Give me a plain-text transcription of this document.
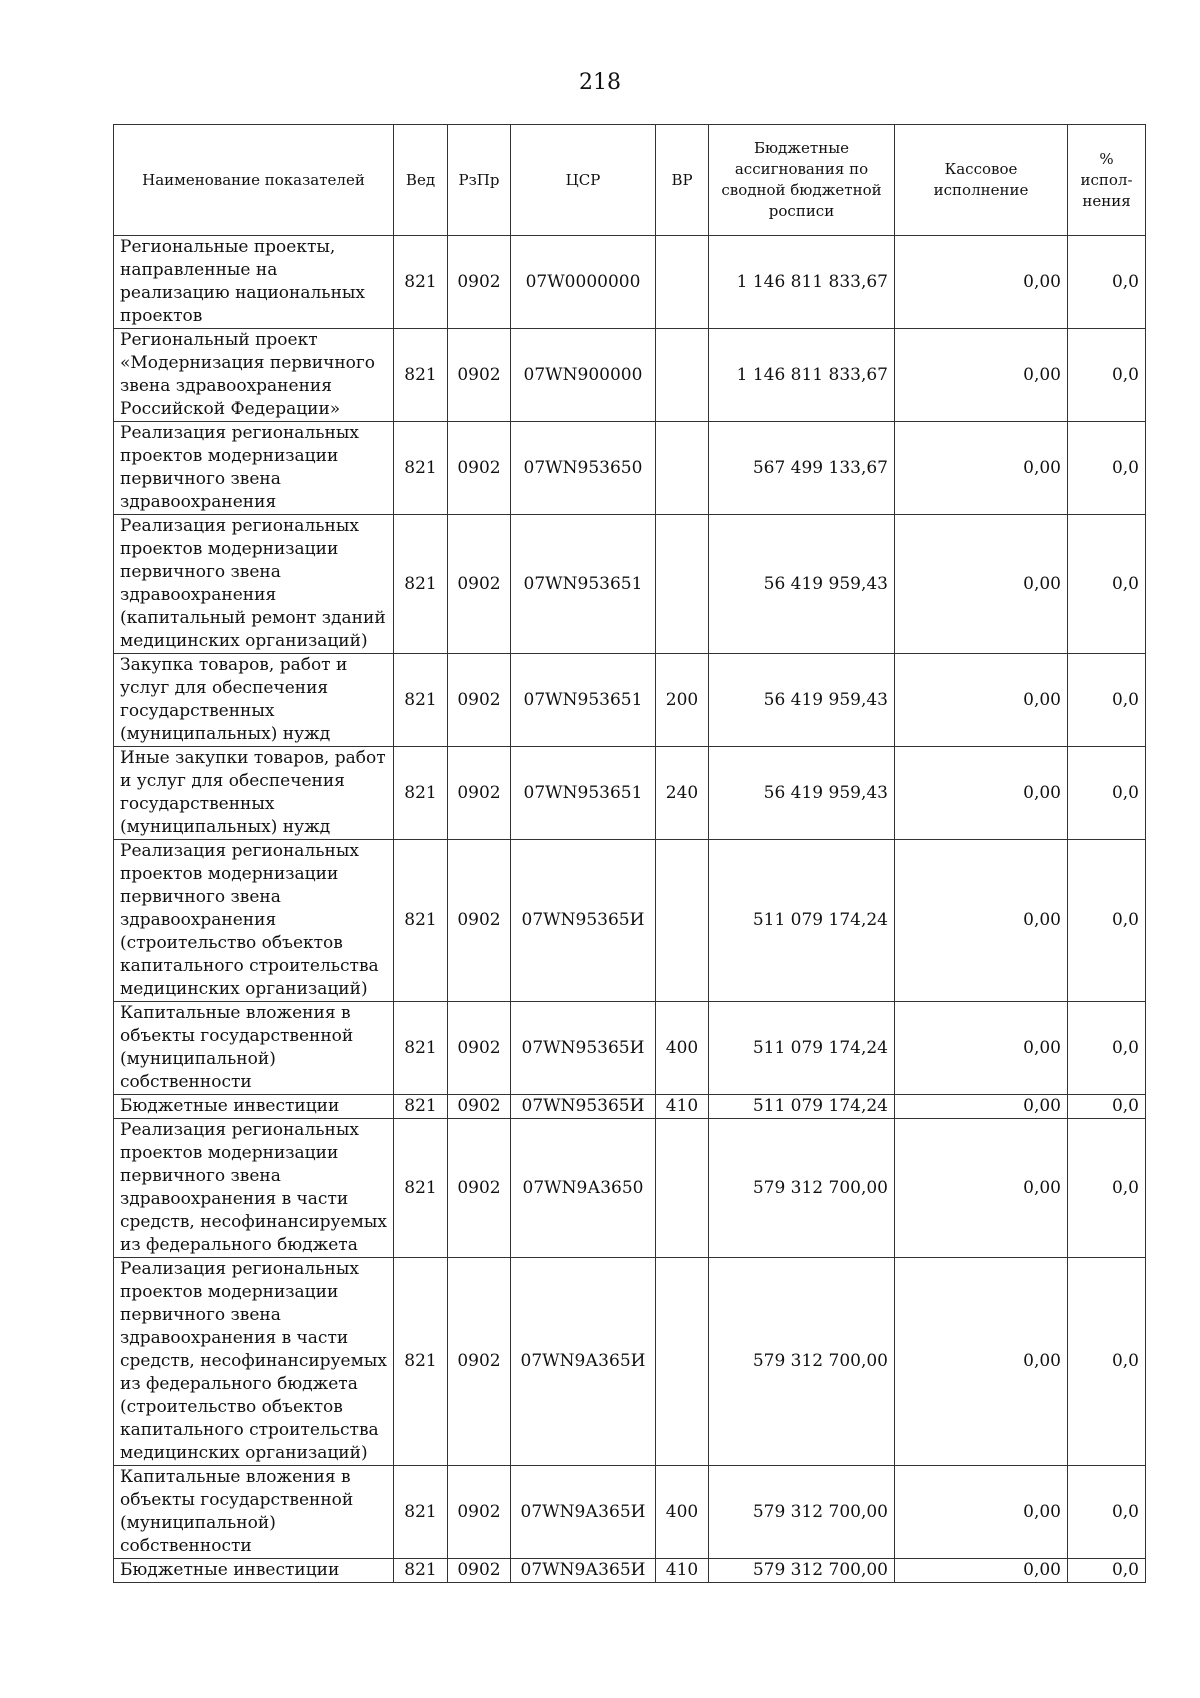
218
Наименование показателей	Вед	РзПр	ЦСР	ВР	Бюджетные ассигнования по сводной бюджетной росписи	Кассовое исполнение	% испол-нения
Региональные проекты, направленные на реализацию национальных проектов	821	0902	07W0000000		1 146 811 833,67	0,00	0,0
Региональный проект «Модернизация первичного звена здравоохранения Российской Федерации»	821	0902	07WN900000		1 146 811 833,67	0,00	0,0
Реализация региональных проектов модернизации первичного звена здравоохранения	821	0902	07WN953650		567 499 133,67	0,00	0,0
Реализация региональных проектов модернизации первичного звена здравоохранения (капитальный ремонт зданий медицинских организаций)	821	0902	07WN953651		56 419 959,43	0,00	0,0
Закупка товаров, работ и услуг для обеспечения государственных (муниципальных) нужд	821	0902	07WN953651	200	56 419 959,43	0,00	0,0
Иные закупки товаров, работ и услуг для обеспечения государственных (муниципальных) нужд	821	0902	07WN953651	240	56 419 959,43	0,00	0,0
Реализация региональных проектов модернизации первичного звена здравоохранения (строительство объектов капитального строительства медицинских организаций)	821	0902	07WN95365И		511 079 174,24	0,00	0,0
Капитальные вложения в объекты государственной (муниципальной) собственности	821	0902	07WN95365И	400	511 079 174,24	0,00	0,0
Бюджетные инвестиции	821	0902	07WN95365И	410	511 079 174,24	0,00	0,0
Реализация региональных проектов модернизации первичного звена здравоохранения в части средств, несофинансируемых из федерального бюджета	821	0902	07WN9А3650		579 312 700,00	0,00	0,0
Реализация региональных проектов модернизации первичного звена здравоохранения в части средств, несофинансируемых из федерального бюджета (строительство объектов капитального строительства медицинских организаций)	821	0902	07WN9А365И		579 312 700,00	0,00	0,0
Капитальные вложения в объекты государственной (муниципальной) собственности	821	0902	07WN9А365И	400	579 312 700,00	0,00	0,0
Бюджетные инвестиции	821	0902	07WN9А365И	410	579 312 700,00	0,00	0,0
